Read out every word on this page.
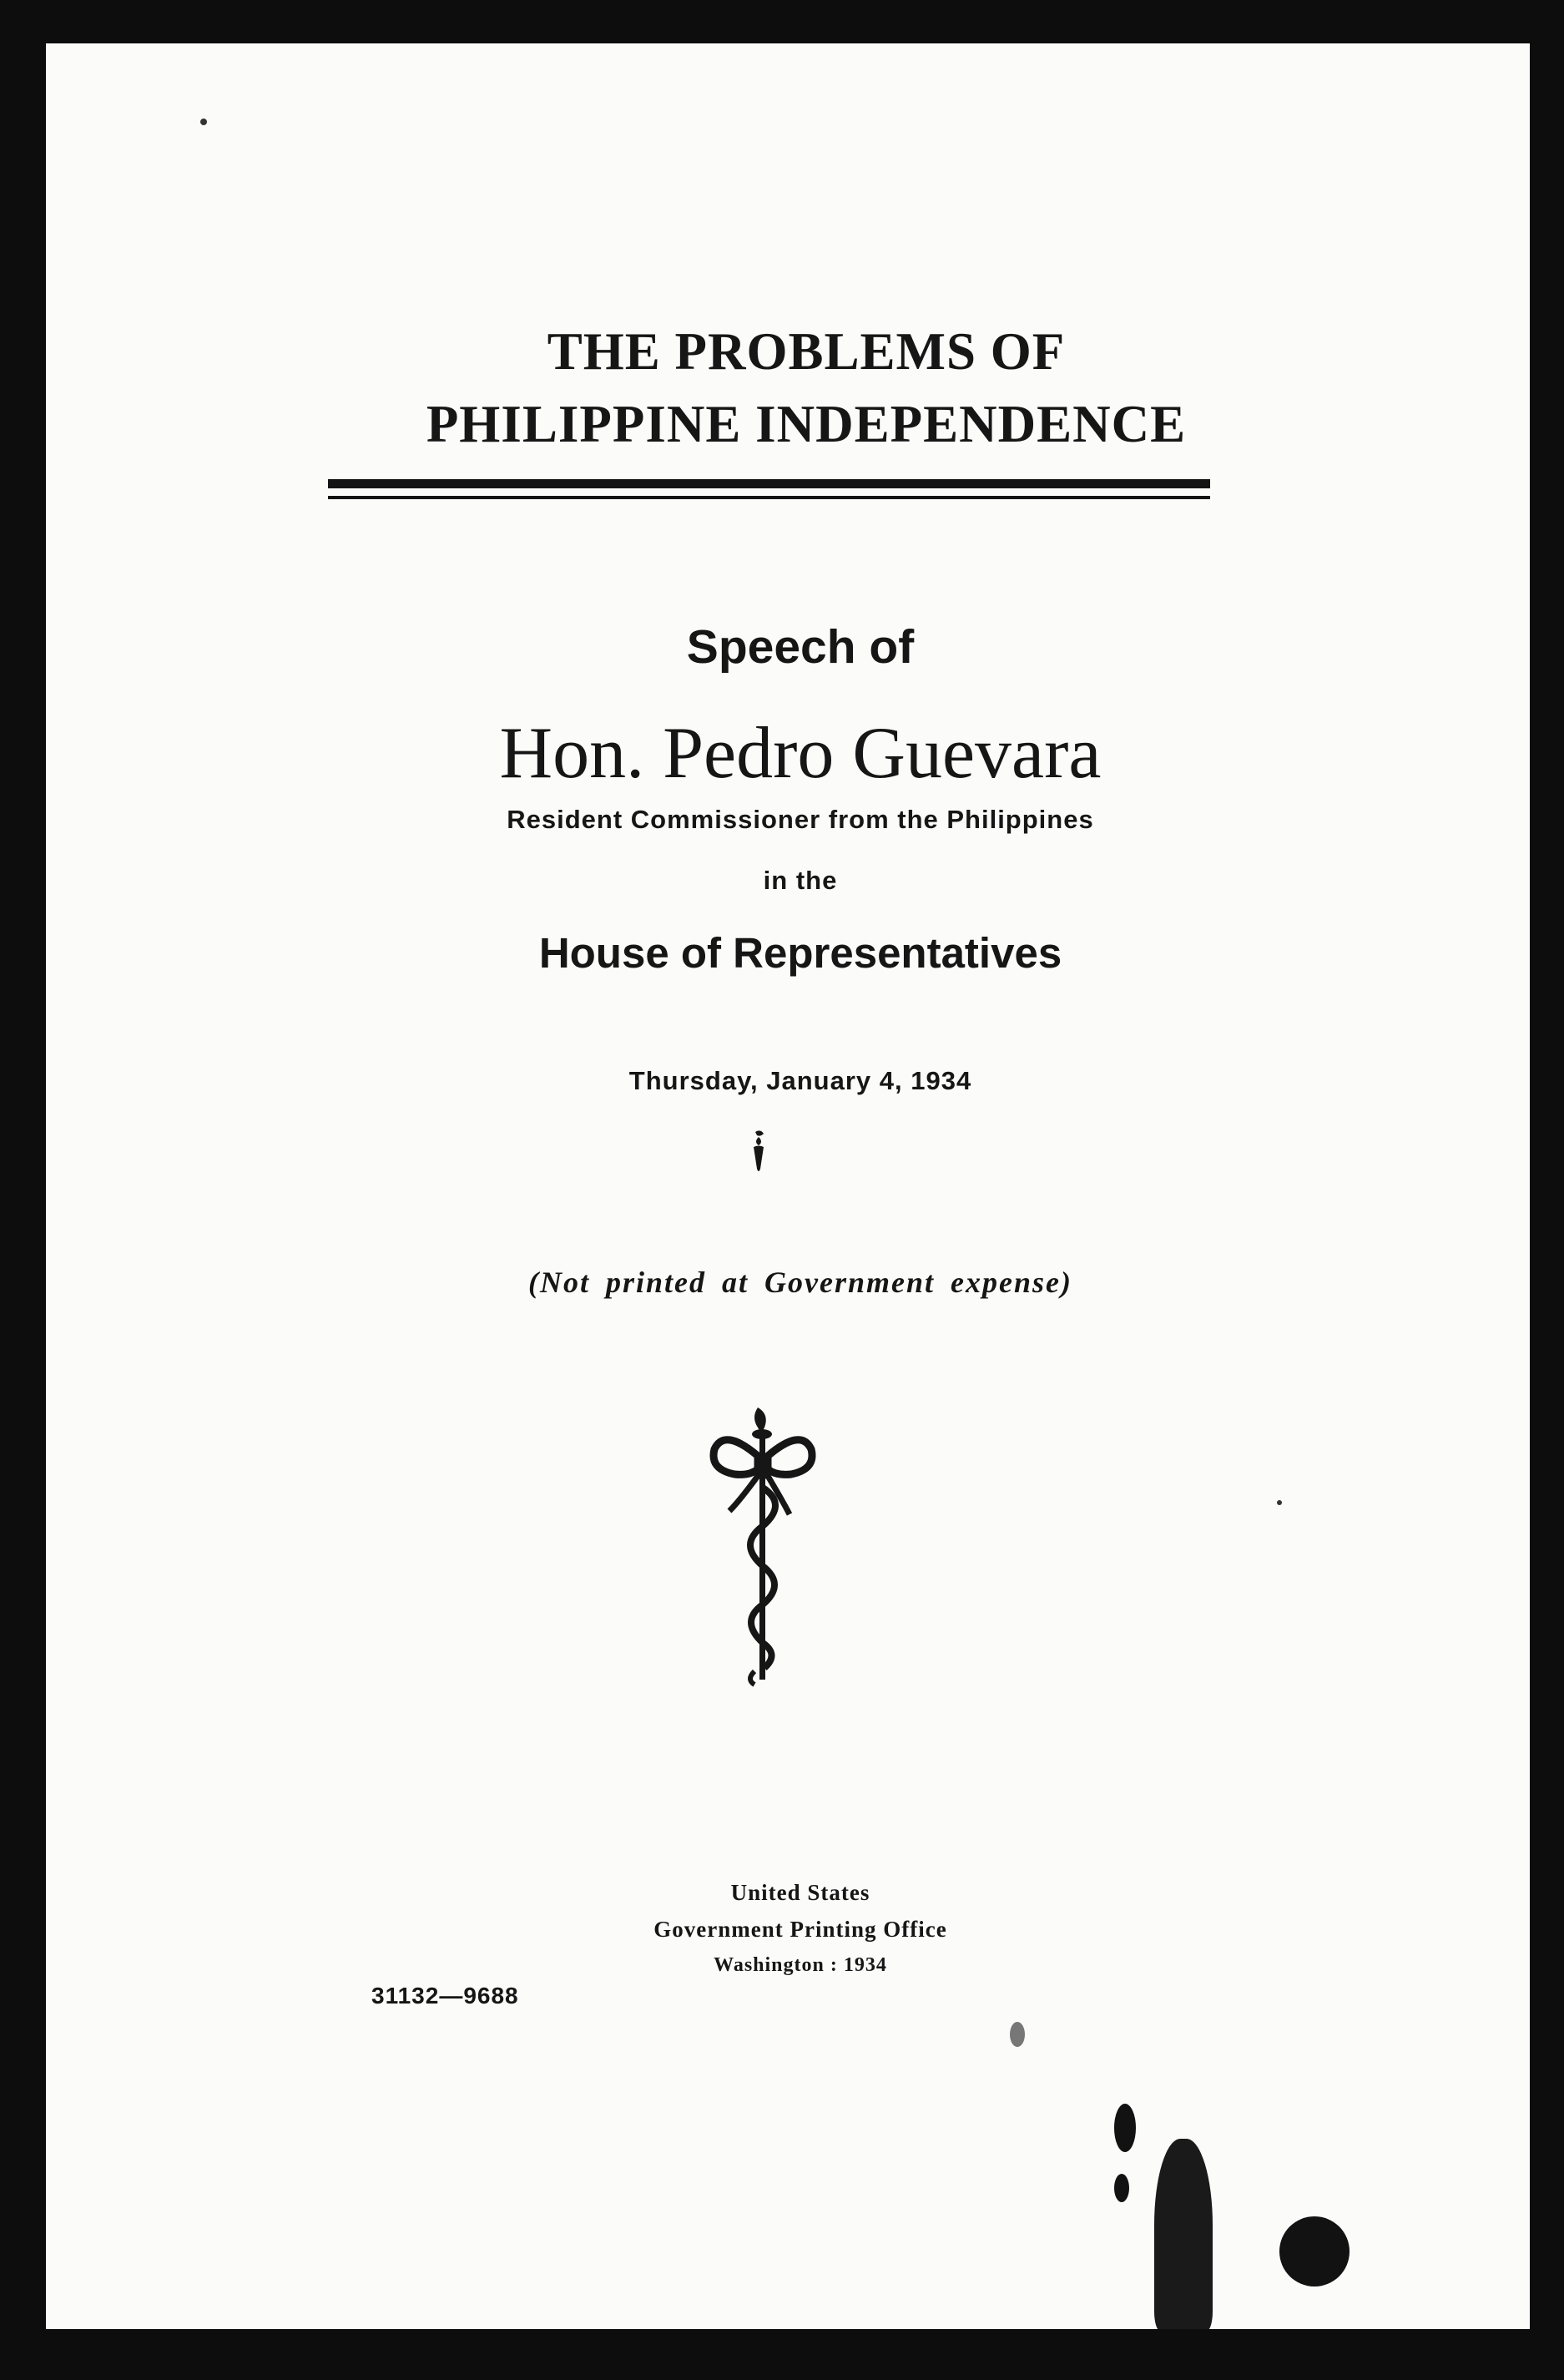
THE PROBLEMS OF

PHILIPPINE INDEPENDENCE

Speech of

Hon. Pedro Guevara

Resident Commissioner from the Philippines

in the

House of Representatives

Thursday, January 4, 1934

(Not printed at Government expense)

United States

Government Printing Office

Washington : 1934

31132—9688
